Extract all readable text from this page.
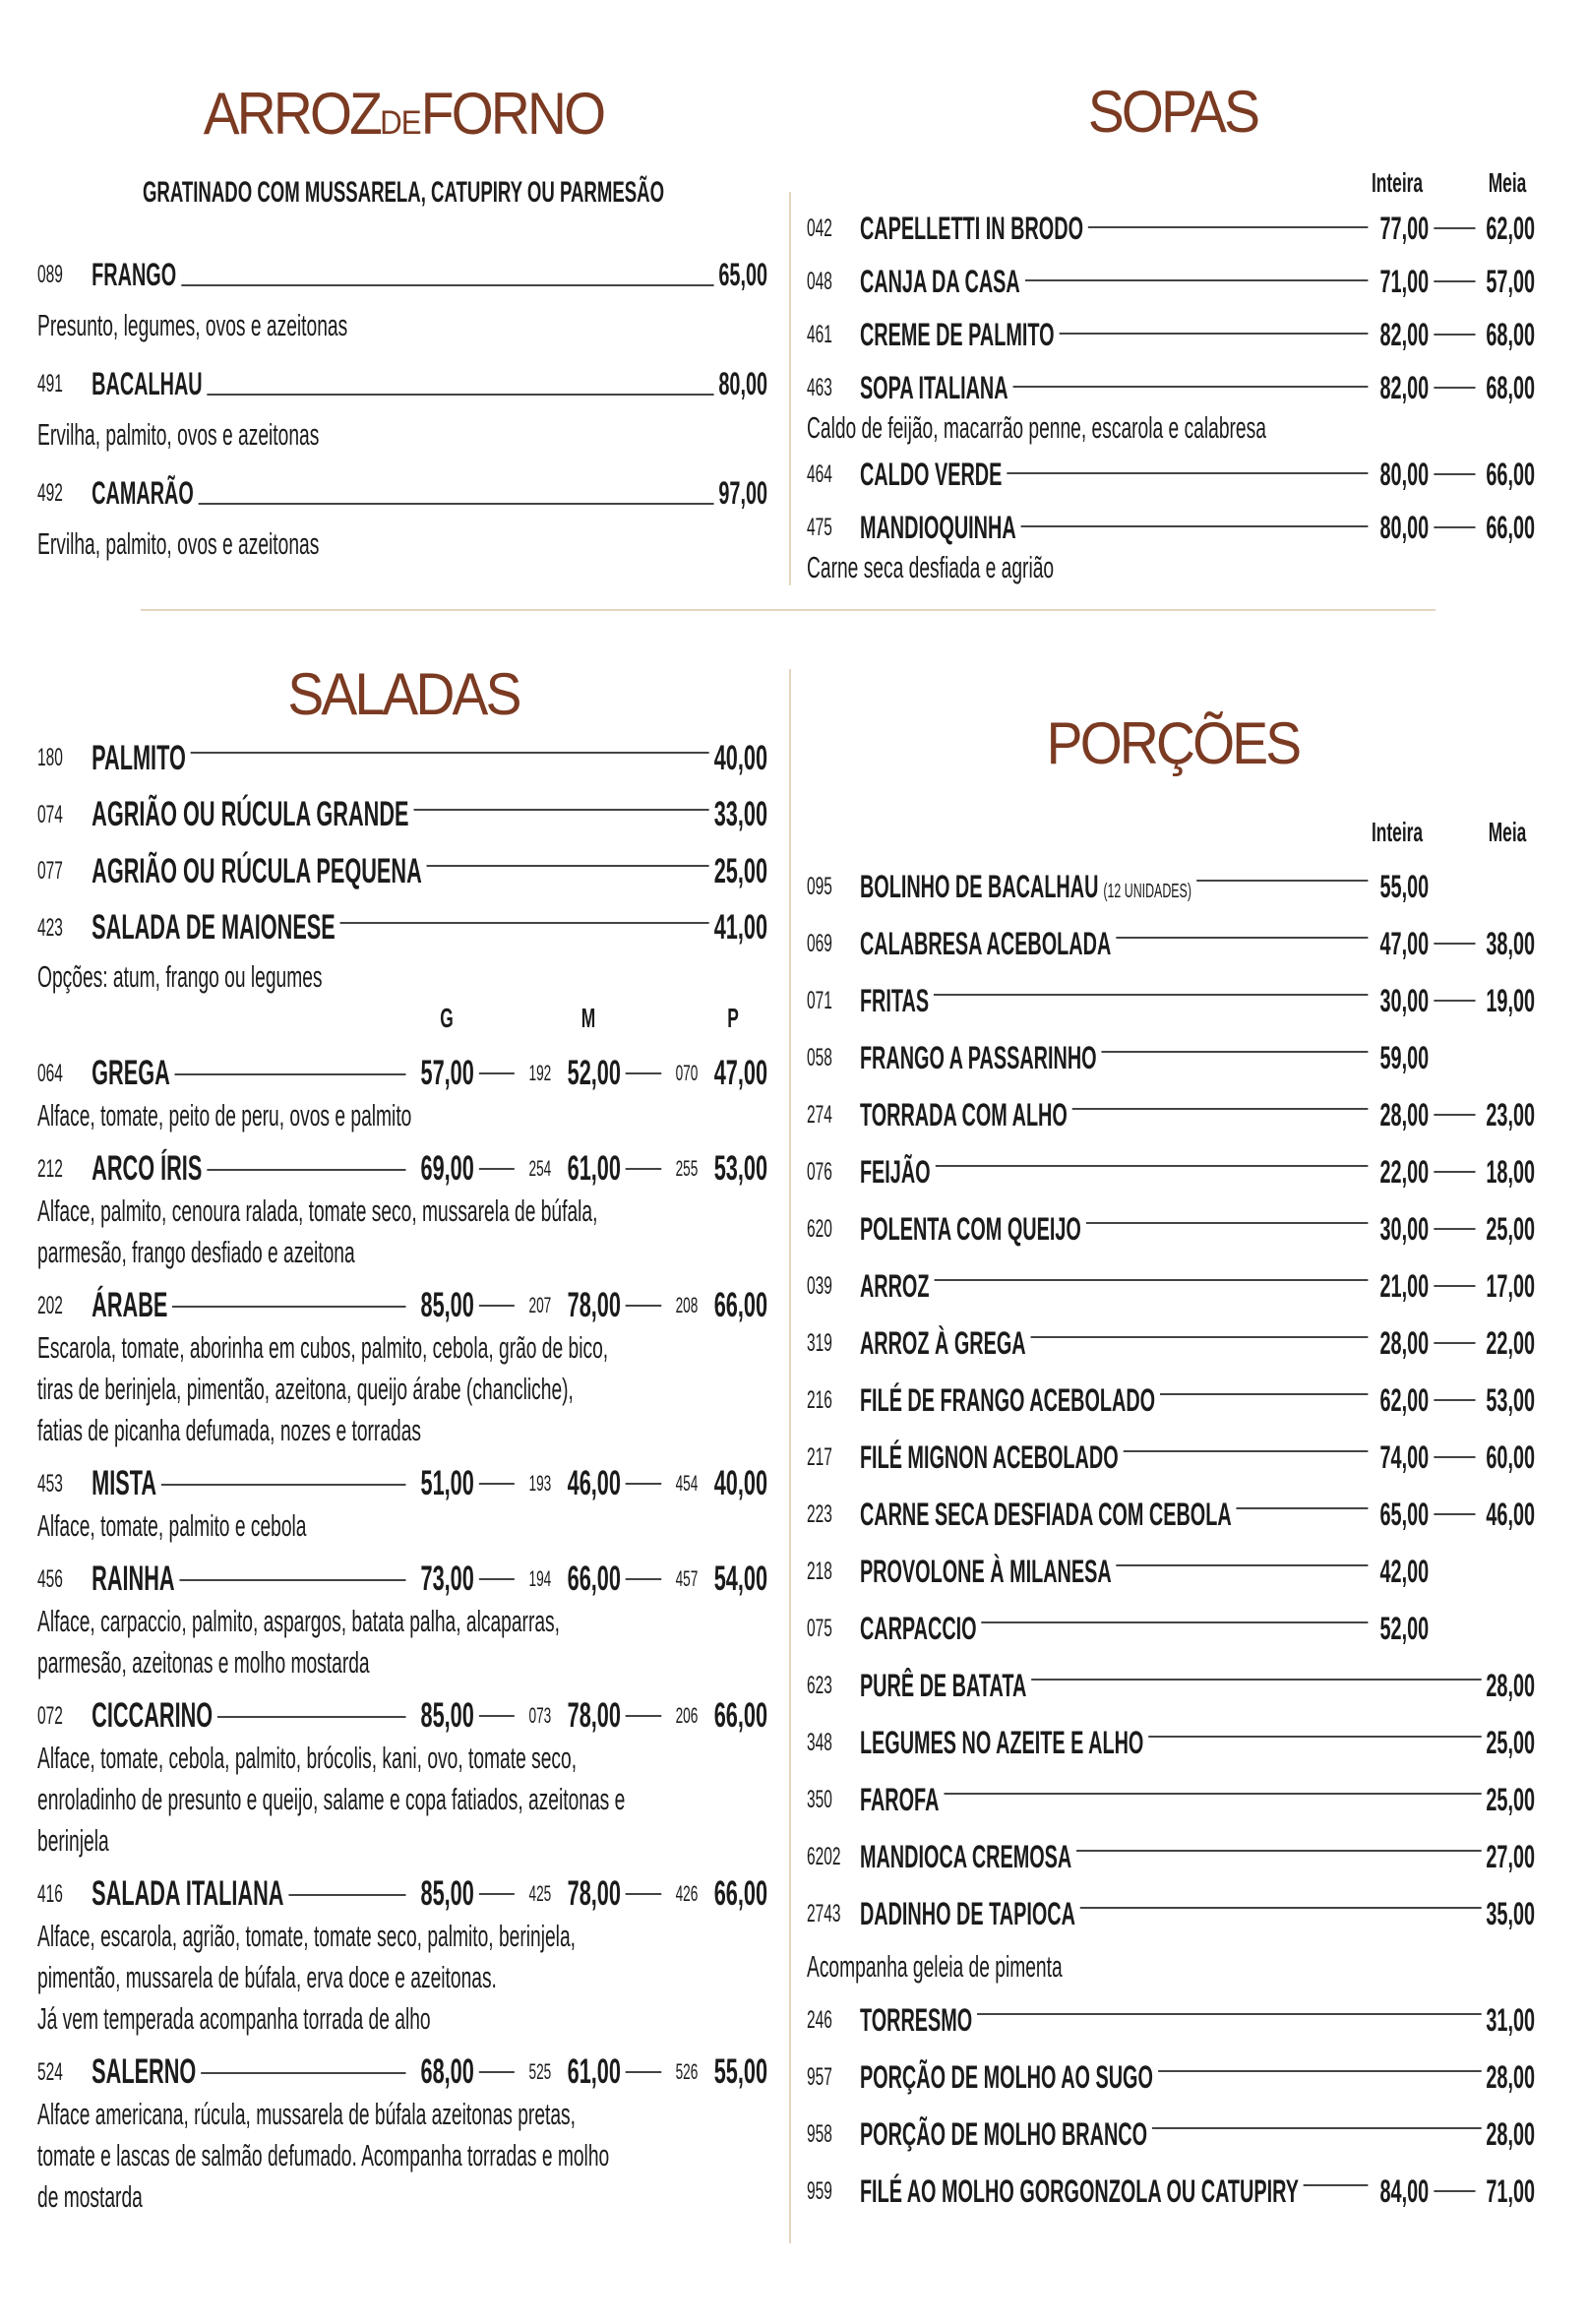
ARROZDEFORNO
GRATINADO COM MUSSARELA, CATUPIRY OU PARMESÃO
SOPAS
Inteira Meia
SALADAS
G	M	P
PORÇÕES
Inteira Meia
089 FRANGO	65,00
Presunto, legumes, ovos e azeitonas
491 BACALHAU	80,00
Ervilha, palmito, ovos e azeitonas
492 CAMARÃO	97,00
Ervilha, palmito, ovos e azeitonas
042 CAPELLETTI IN BRODO	77,00 62,00
048 CANJA DA CASA	71,00 57,00
461 CREME DE PALMITO	82,00 68,00
463 SOPA ITALIANA	82,00 68,00
Caldo de feijão, macarrão penne, escarola e calabresa
464 CALDO VERDE	80,00 66,00
475 MANDIOQUINHA	80,00 66,00
Carne seca desfiada e agrião
180 PALMITO	40,00
074 AGRIÃO OU RÚCULA GRANDE	33,00
077 AGRIÃO OU RÚCULA PEQUENA	25,00
423 SALADA DE MAIONESE	41,00
Opções: atum, frango ou legumes
064 GREGA	57,00	192 52,00	070 47,00
Alface, tomate, peito de peru, ovos e palmito
212 ARCO ÍRIS	69,00	254 61,00	255 53,00
Alface, palmito, cenoura ralada, tomate seco, mussarela de búfala,
parmesão, frango desfiado e azeitona
202 ÁRABE	85,00	207 78,00	208 66,00
Escarola, tomate, aborinha em cubos, palmito, cebola, grão de bico,
tiras de berinjela, pimentão, azeitona, queijo árabe (chancliche),
fatias de picanha defumada, nozes e torradas
453 MISTA	51,00	193 46,00	454 40,00
Alface, tomate, palmito e cebola
456 RAINHA	73,00	194 66,00	457 54,00
Alface, carpaccio, palmito, aspargos, batata palha, alcaparras,
parmesão, azeitonas e molho mostarda
072 CICCARINO	85,00	073 78,00	206 66,00
Alface, tomate, cebola, palmito, brócolis, kani, ovo, tomate seco,
enroladinho de presunto e queijo, salame e copa fatiados, azeitonas e
berinjela
416 SALADA ITALIANA	85,00	425 78,00	426 66,00
Alface, escarola, agrião, tomate, tomate seco, palmito, berinjela,
pimentão, mussarela de búfala, erva doce e azeitonas.
Já vem temperada acompanha torrada de alho
524 SALERNO	68,00	525 61,00	526 55,00
Alface americana, rúcula, mussarela de búfala azeitonas pretas,
tomate e lascas de salmão defumado. Acompanha torradas e molho
de mostarda
095 BOLINHO DE BACALHAU (12 UNIDADES)	55,00
069 CALABRESA ACEBOLADA	47,00 38,00
071 FRITAS	30,00 19,00
058 FRANGO A PASSARINHO	59,00
274 TORRADA COM ALHO	28,00 23,00
076 FEIJÃO	22,00 18,00
620 POLENTA COM QUEIJO	30,00 25,00
039 ARROZ	21,00 17,00
319 ARROZ À GREGA	28,00 22,00
216 FILÉ DE FRANGO ACEBOLADO	62,00 53,00
217 FILÉ MIGNON ACEBOLADO	74,00 60,00
223 CARNE SECA DESFIADA COM CEBOLA	65,00 46,00
218 PROVOLONE À MILANESA	42,00
075 CARPACCIO	52,00
623 PURÊ DE BATATA	28,00
348 LEGUMES NO AZEITE E ALHO	25,00
350 FAROFA	25,00
6202 MANDIOCA CREMOSA	27,00
2743 DADINHO DE TAPIOCA	35,00
Acompanha geleia de pimenta
246 TORRESMO	31,00
957 PORÇÃO DE MOLHO AO SUGO	28,00
958 PORÇÃO DE MOLHO BRANCO	28,00
959 FILÉ AO MOLHO GORGONZOLA OU CATUPIRY	84,00 71,00
